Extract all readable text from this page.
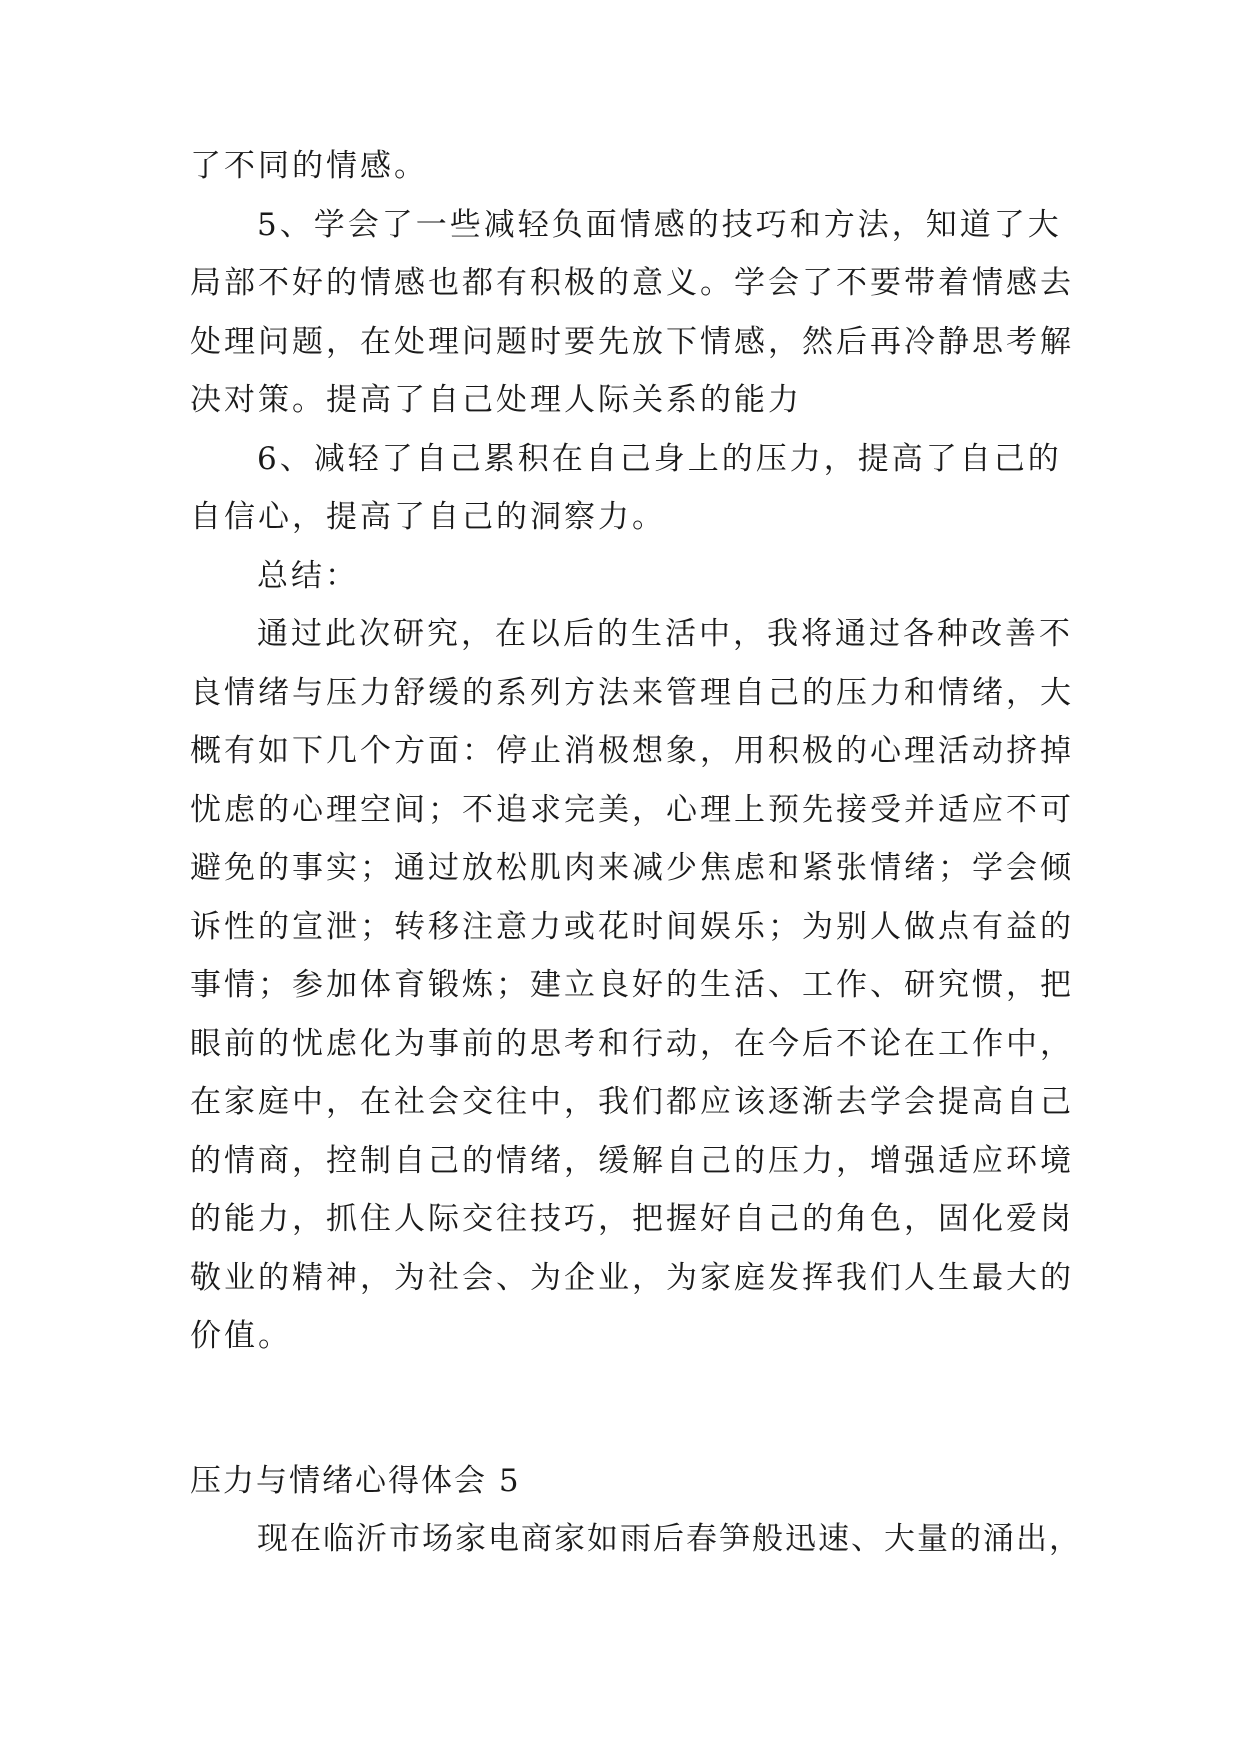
了不同的情感。
5、学会了一些减轻负面情感的技巧和方法，知道了大
局部不好的情感也都有积极的意义。学会了不要带着情感去
处理问题，在处理问题时要先放下情感，然后再冷静思考解
决对策。提高了自己处理人际关系的能力
6、减轻了自己累积在自己身上的压力，提高了自己的
自信心，提高了自己的洞察力。
总结：
通过此次研究，在以后的生活中，我将通过各种改善不
良情绪与压力舒缓的系列方法来管理自己的压力和情绪，大
概有如下几个方面：停止消极想象，用积极的心理活动挤掉
忧虑的心理空间；不追求完美，心理上预先接受并适应不可
避免的事实；通过放松肌肉来减少焦虑和紧张情绪；学会倾
诉性的宣泄；转移注意力或花时间娱乐；为别人做点有益的
事情；参加体育锻炼；建立良好的生活、工作、研究惯，把
眼前的忧虑化为事前的思考和行动，在今后不论在工作中，
在家庭中，在社会交往中，我们都应该逐渐去学会提高自己
的情商，控制自己的情绪，缓解自己的压力，增强适应环境
的能力，抓住人际交往技巧，把握好自己的角色，固化爱岗
敬业的精神，为社会、为企业，为家庭发挥我们人生最大的
价值。
压力与情绪心得体会 5
现在临沂市场家电商家如雨后春笋般迅速、大量的涌出，
